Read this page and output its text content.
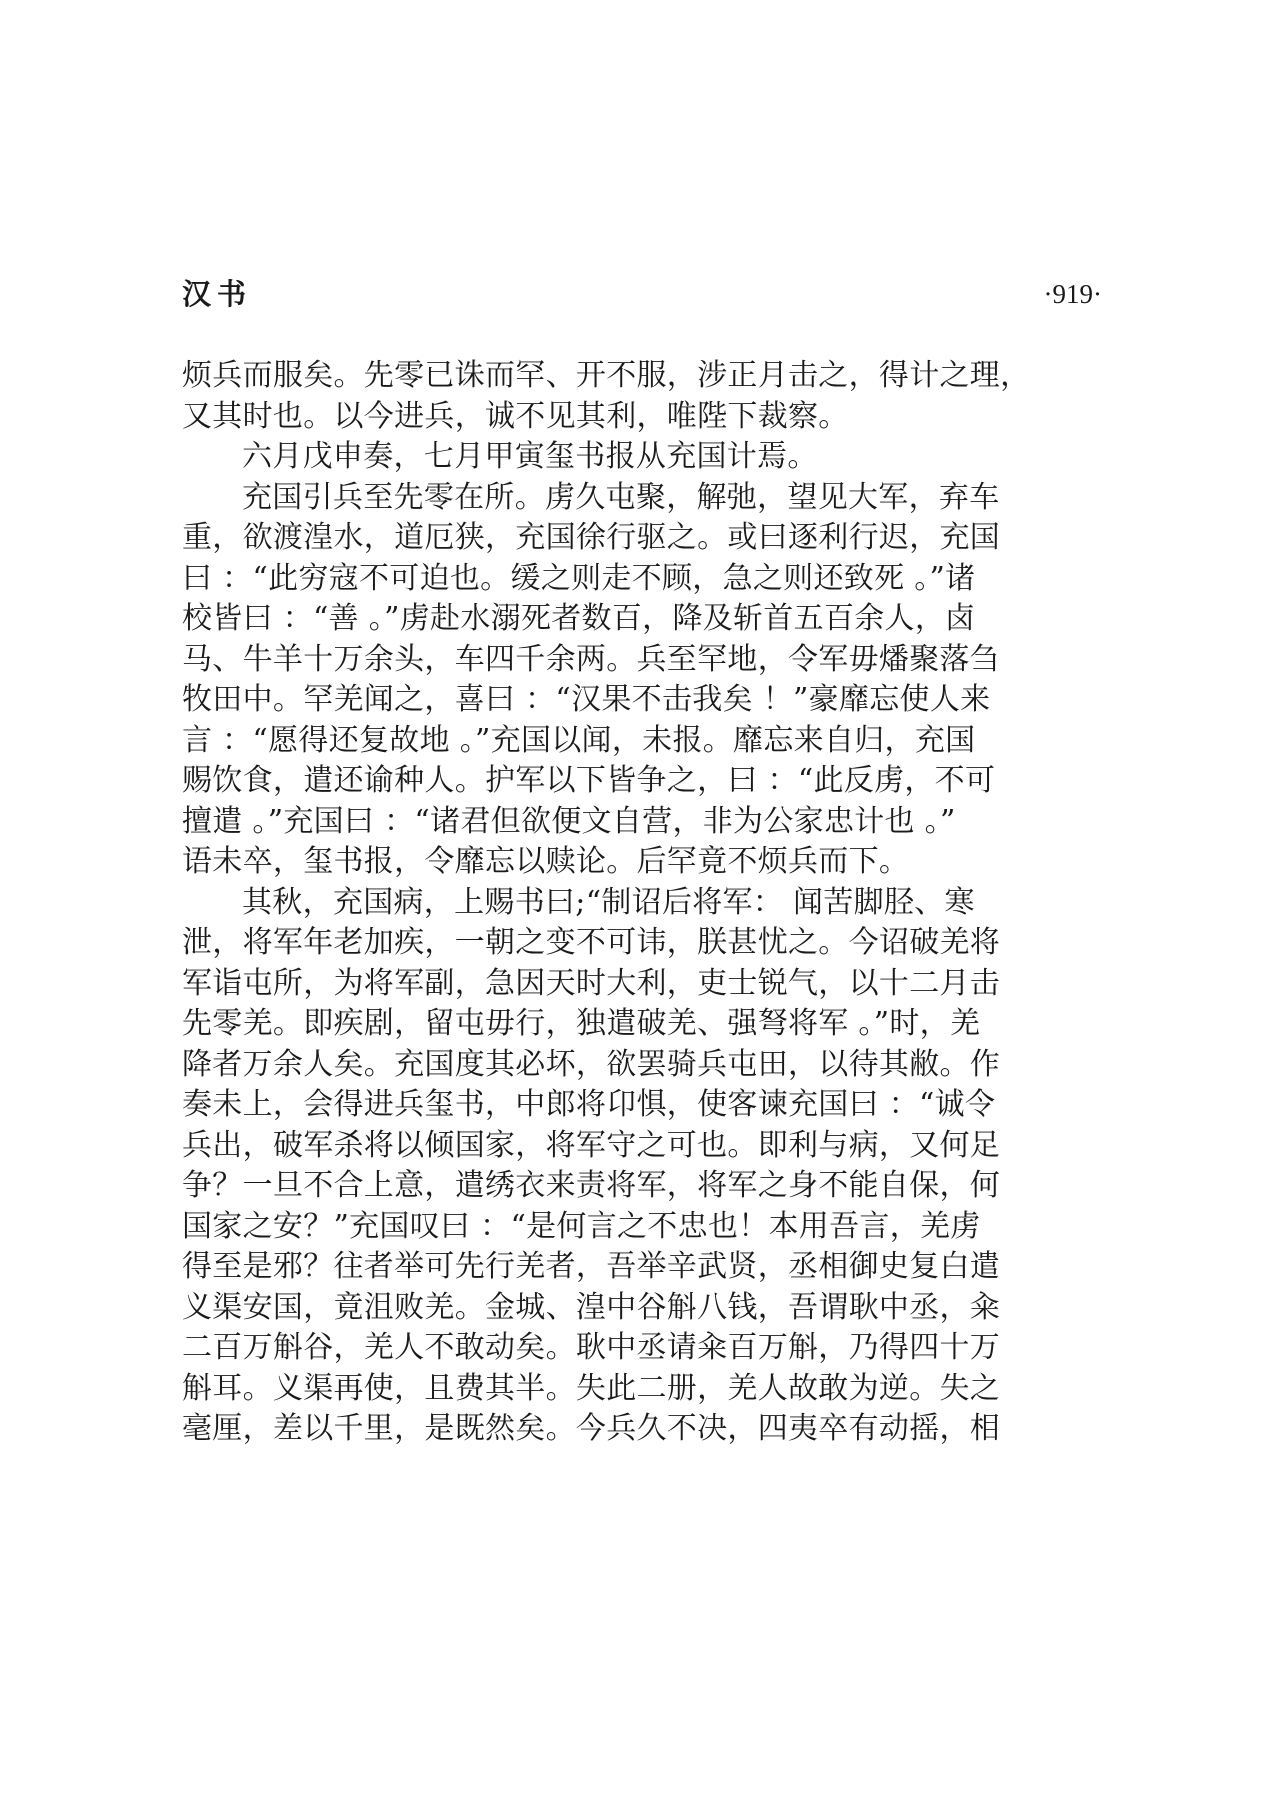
汉书	·919·

烦兵而服矣。先零已诛而罕、开不服，涉正月击之，得计之理，
又其时也。以今进兵，诚不见其利，唯陛下裁察。

六月戊申奏，七月甲寅玺书报从充国计焉。

充国引兵至先零在所。虏久屯聚，解弛，望见大军，弃车
重，欲渡湟水，道厄狭，充国徐行驱之。或曰逐利行迟，充国
曰 ：“此穷寇不可迫也。缓之则走不顾，急之则还致死 。”诸
校皆曰 ：“善 。”虏赴水溺死者数百，降及斩首五百余人，卤
马、牛羊十万余头，车四千余两。兵至罕地，令军毋燔聚落刍
牧田中。罕羌闻之，喜曰 ：“汉果不击我矣 ！”豪靡忘使人来
言 ：“愿得还复故地 。”充国以闻，未报。靡忘来自归，充国
赐饮食，遣还谕种人。护军以下皆争之，曰 ：“此反虏，不可
擅遣 。”充国曰 ：“诸君但欲便文自营，非为公家忠计也 。”
语未卒，玺书报，令靡忘以赎论。后罕竟不烦兵而下。

其秋，充国病，上赐书曰;“制诏后将军： 闻苦脚胫、寒
泄，将军年老加疾，一朝之变不可讳，朕甚忧之。今诏破羌将
军诣屯所，为将军副，急因天时大利，吏士锐气，以十二月击
先零羌。即疾剧，留屯毋行，独遣破羌、强弩将军 。”时，羌
降者万余人矣。充国度其必坏，欲罢骑兵屯田，以待其敝。作
奏未上，会得进兵玺书，中郎将卬惧，使客谏充国曰 ：“诚令
兵出，破军杀将以倾国家，将军守之可也。即利与病，又何足
争？一旦不合上意，遣绣衣来责将军，将军之身不能自保，何
国家之安？”充国叹曰 ：“是何言之不忠也！本用吾言，羌虏
得至是邪？往者举可先行羌者，吾举辛武贤，丞相御史复白遣
义渠安国，竟沮败羌。金城、湟中谷斛八钱，吾谓耿中丞，籴
二百万斛谷，羌人不敢动矣。耿中丞请籴百万斛，乃得四十万
斛耳。义渠再使，且费其半。失此二册，羌人故敢为逆。失之
毫厘，差以千里，是既然矣。今兵久不决，四夷卒有动摇，相
